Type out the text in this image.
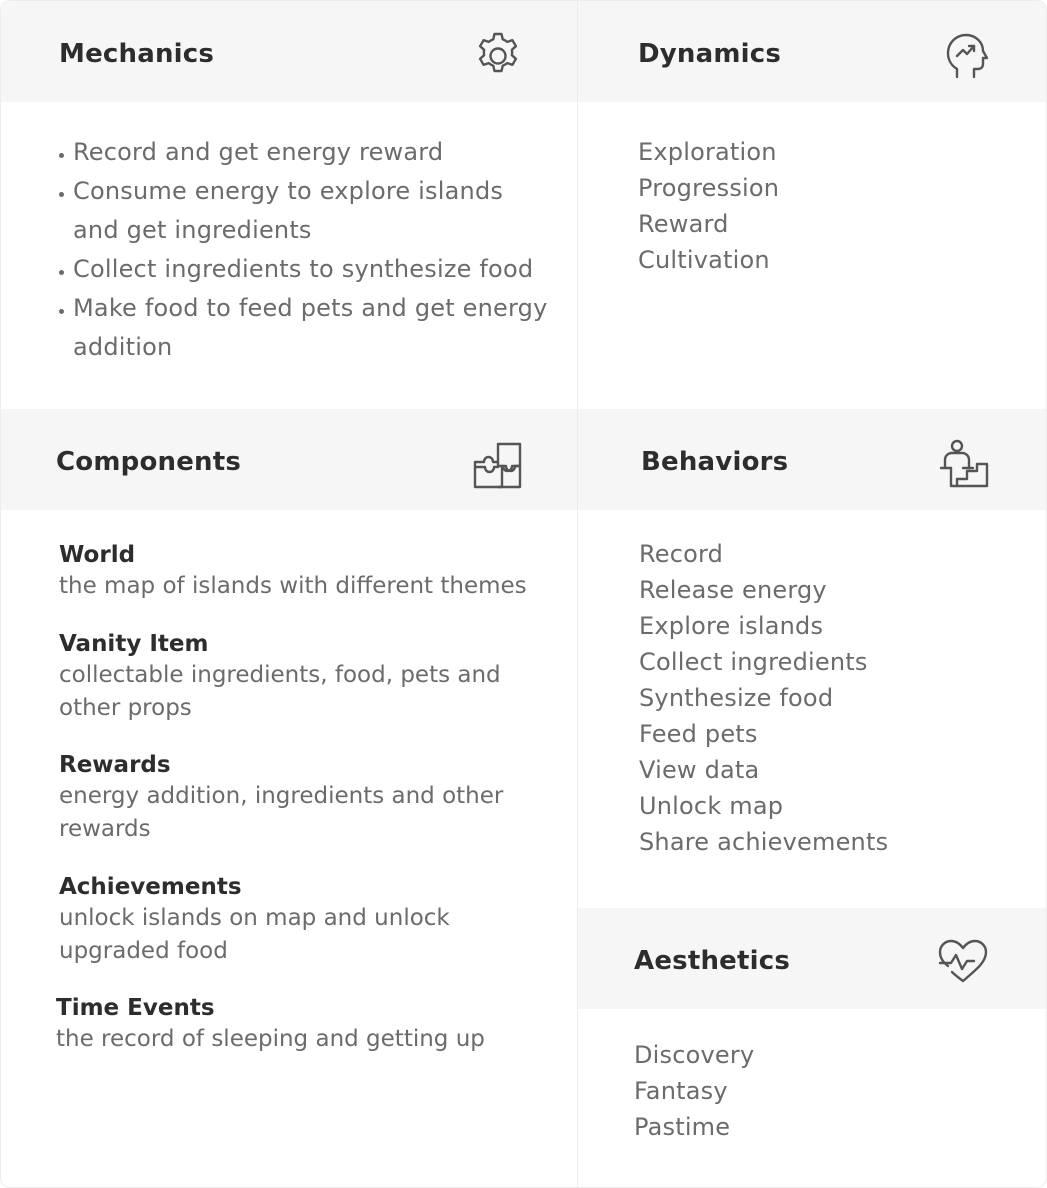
Mechanics
Record and get energy reward
Consume energy to explore islands and get ingredients
Collect ingredients to synthesize food
Make food to feed pets and get energy addition
Dynamics
Exploration
Progression
Reward
Cultivation
Components
World
the map of islands with different themes
Vanity Item
collectable ingredients, food, pets and other props
Rewards
energy addition, ingredients and other rewards
Achievements
unlock islands on map and unlock upgraded food
Time Events
the record of sleeping and getting up
Behaviors
Record
Release energy
Explore islands
Collect ingredients
Synthesize food
Feed pets
View data
Unlock map
Share achievements
Aesthetics
Discovery
Fantasy
Pastime
